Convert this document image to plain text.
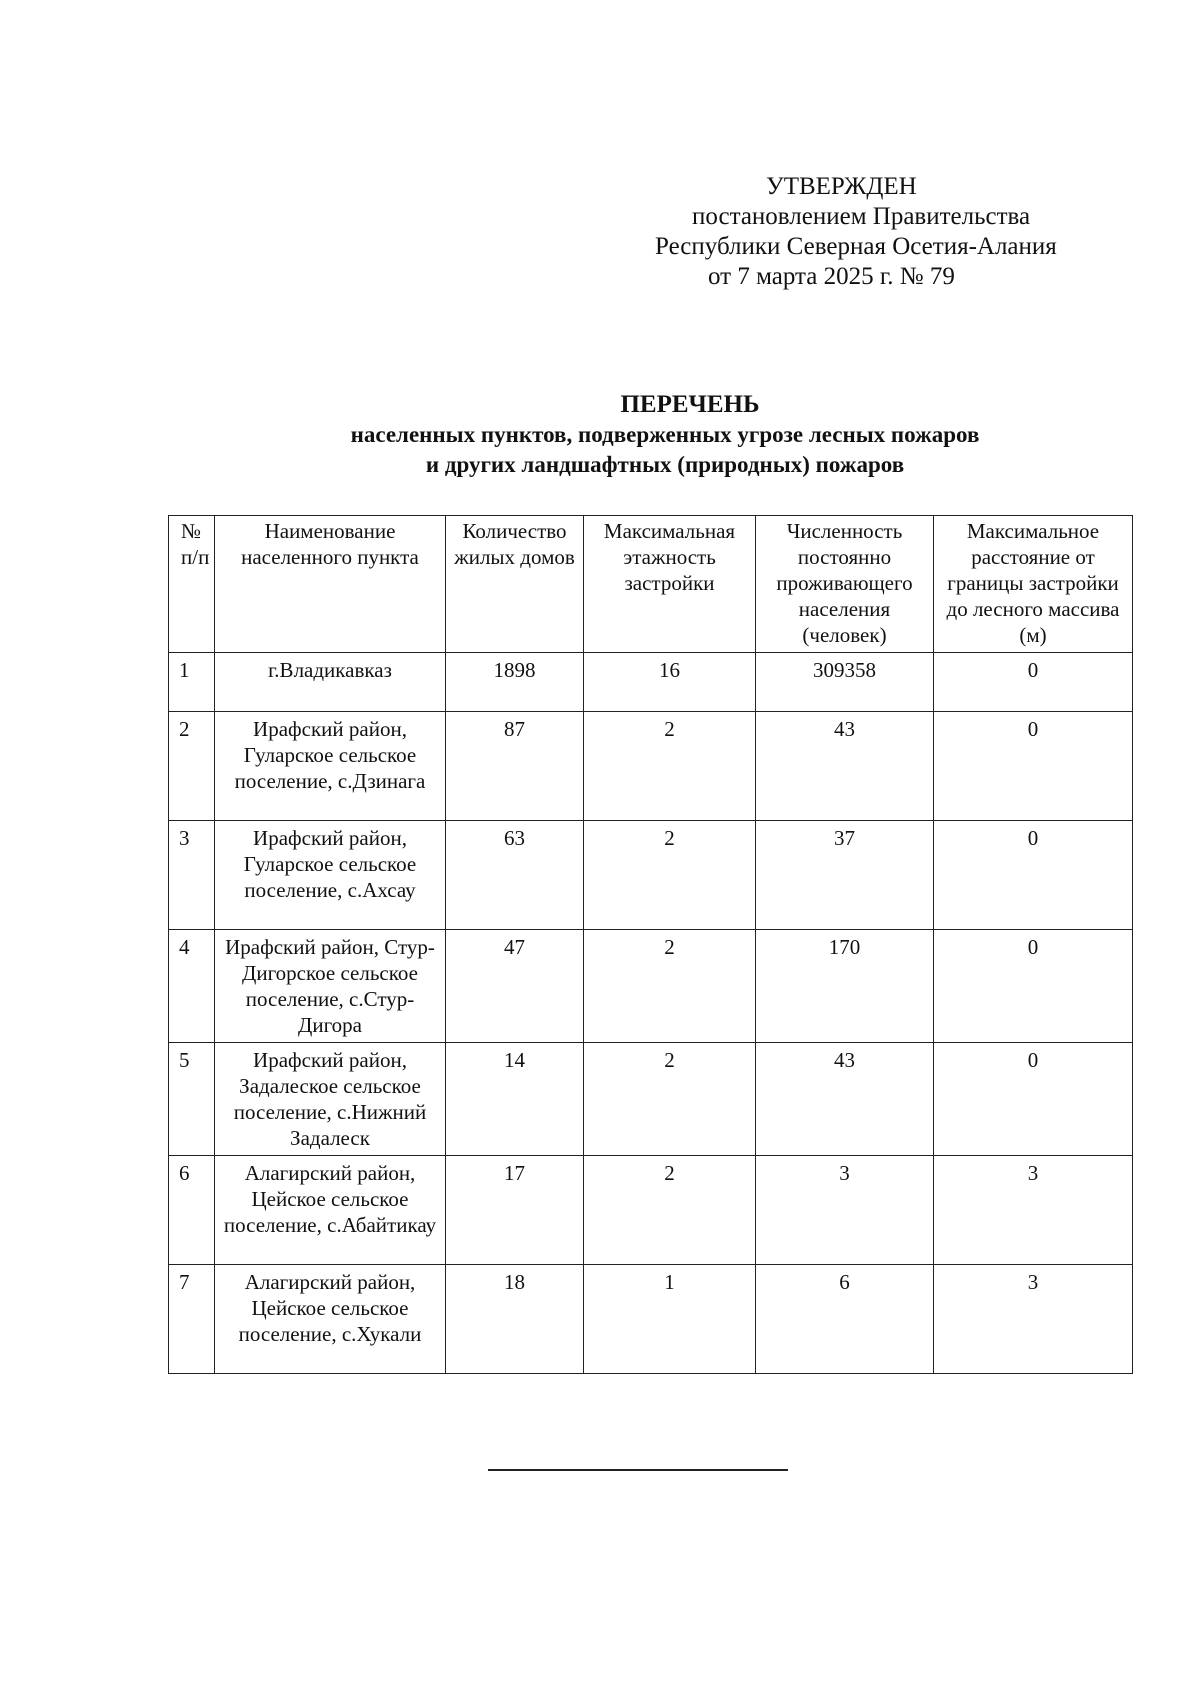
УТВЕРЖДЕН
постановлением Правительства
Республики Северная Осетия-Алания
от 7 марта 2025 г. № 79
ПЕРЕЧЕНЬ
населенных пунктов, подверженных угрозе лесных пожаров
и других ландшафтных (природных) пожаров
№ п/п	Наименование населенного пункта	Количество жилых домов	Максимальная этажность застройки	Численность постоянно проживающего населения (человек)	Максимальное расстояние от границы застройки до лесного массива (м)
1	г.Владикавказ	1898	16	309358	0
2	Ирафский район, Гуларское сельское поселение, с.Дзинага	87	2	43	0
3	Ирафский район, Гуларское сельское поселение, с.Ахсау	63	2	37	0
4	Ирафский район, Стур-Дигорское сельское поселение, с.Стур-Дигора	47	2	170	0
5	Ирафский район, Задалеское сельское поселение, с.Нижний Задалеск	14	2	43	0
6	Алагирский район, Цейское сельское поселение, с.Абайтикау	17	2	3	3
7	Алагирский район, Цейское сельское поселение, с.Хукали	18	1	6	3
